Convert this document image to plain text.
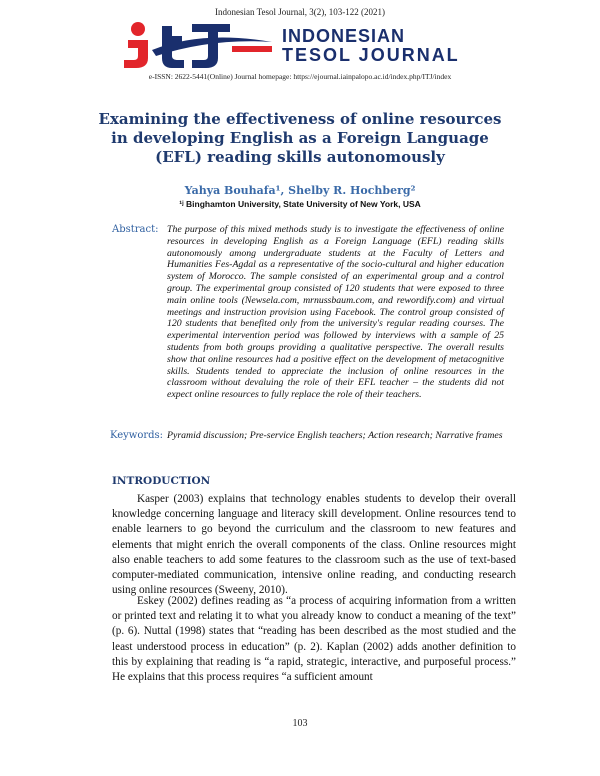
Indonesian Tesol Journal, 3(2), 103-122 (2021)
INDONESIAN
TESOL JOURNAL
e-ISSN: 2622-5441(Online) Journal homepage: https://ejournal.iainpalopo.ac.id/index.php/ITJ/index
Examining the effectiveness of online resources in developing English as a Foreign Language (EFL) reading skills autonomously
Yahya Bouhafa¹, Shelby R. Hochberg²
¹ʲ Binghamton University, State University of New York, USA
Abstract: The purpose of this mixed methods study is to investigate the effectiveness of online resources in developing English as a Foreign Language (EFL) reading skills autonomously among undergraduate students at the Faculty of Letters and Humanities Fes-Agdal as a representative of the socio-cultural and higher education system of Morocco. The sample consisted of an experimental group and a control group. The experimental group consisted of 120 students that were exposed to three main online tools (Newsela.com, mrnussbaum.com, and rewordify.com) and virtual meetings and instruction provision using Facebook. The control group consisted of 120 students that benefited only from the university's regular reading courses. The experimental intervention period was followed by interviews with a sample of 25 students from both groups providing a qualitative perspective. The overall results show that online resources had a positive effect on the development of metacognitive skills. Students tended to appreciate the inclusion of online resources in the classroom without devaluing the role of their EFL teacher – the students did not expect online resources to fully replace the role of their teachers.
Keywords: Pyramid discussion; Pre-service English teachers; Action research; Narrative frames
INTRODUCTION
Kasper (2003) explains that technology enables students to develop their overall knowledge concerning language and literacy skill development. Online resources tend to enable learners to go beyond the curriculum and the classroom to new features and elements that might enrich the overall components of the class. Online resources might also enable teachers to add some features to the classroom such as the use of text-based computer-mediated communication, intensive online reading, and conducting research using online resources (Sweeny, 2010).
Eskey (2002) defines reading as “a process of acquiring information from a written or printed text and relating it to what you already know to conduct a meaning of the text” (p. 6). Nuttal (1998) states that “reading has been described as the most studied and the least understood process in education” (p. 2). Kaplan (2002) adds another definition to this by explaining that reading is “a rapid, strategic, interactive, and purposeful process.” He explains that this process requires “a sufficient amount
103
